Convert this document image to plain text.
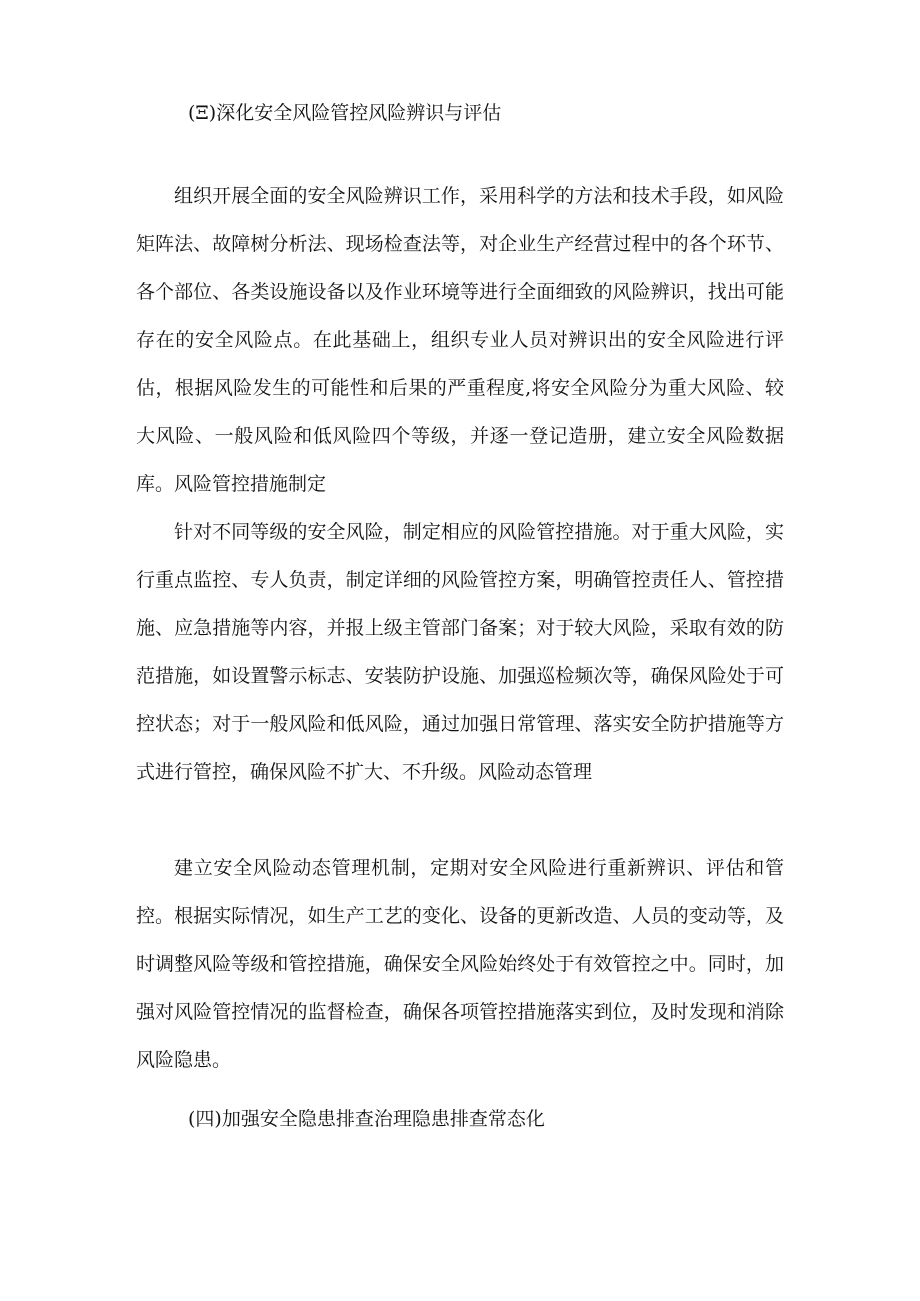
(Ξ)深化安全风险管控风险辨识与评估

组织开展全面的安全风险辨识工作，采用科学的方法和技术手段，如风险矩阵法、故障树分析法、现场检查法等，对企业生产经营过程中的各个环节、各个部位、各类设施设备以及作业环境等进行全面细致的风险辨识，找出可能存在的安全风险点。在此基础上，组织专业人员对辨识出的安全风险进行评估，根据风险发生的可能性和后果的严重程度,将安全风险分为重大风险、较大风险、一般风险和低风险四个等级，并逐一登记造册，建立安全风险数据库。风险管控措施制定

针对不同等级的安全风险，制定相应的风险管控措施。对于重大风险，实行重点监控、专人负责，制定详细的风险管控方案，明确管控责任人、管控措施、应急措施等内容，并报上级主管部门备案；对于较大风险，采取有效的防范措施，如设置警示标志、安装防护设施、加强巡检频次等，确保风险处于可控状态；对于一般风险和低风险，通过加强日常管理、落实安全防护措施等方式进行管控，确保风险不扩大、不升级。风险动态管理

建立安全风险动态管理机制，定期对安全风险进行重新辨识、评估和管控。根据实际情况，如生产工艺的变化、设备的更新改造、人员的变动等，及时调整风险等级和管控措施，确保安全风险始终处于有效管控之中。同时，加强对风险管控情况的监督检查，确保各项管控措施落实到位，及时发现和消除风险隐患。

(四)加强安全隐患排查治理隐患排查常态化
